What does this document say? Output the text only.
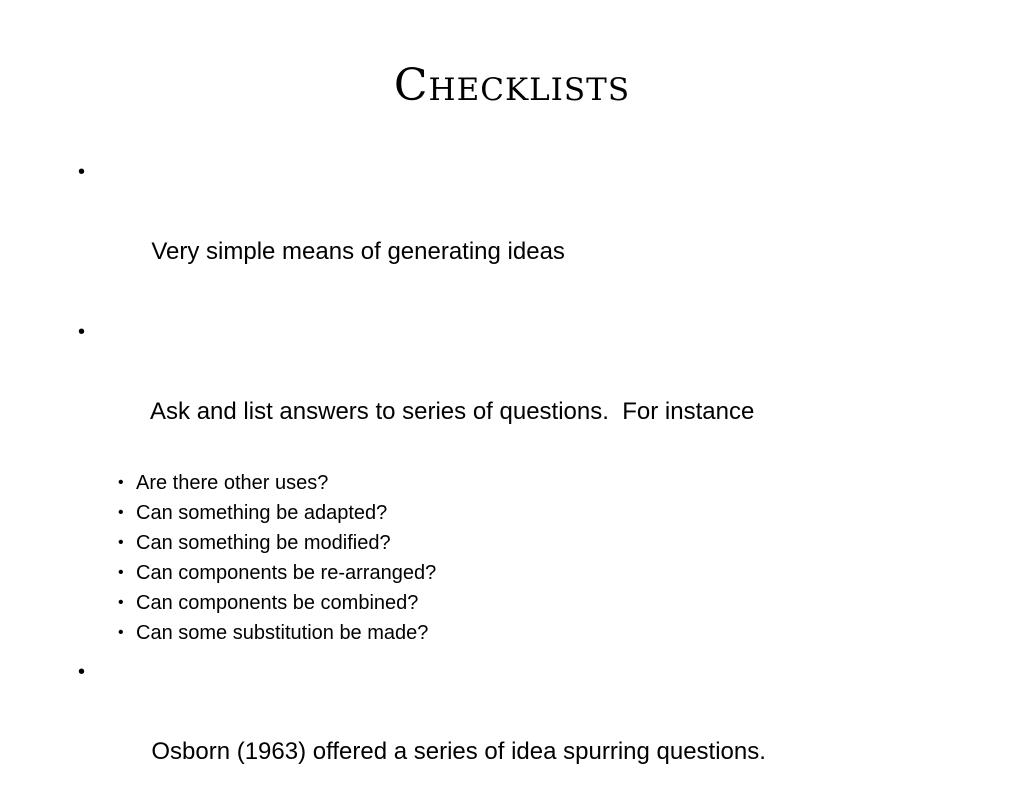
Checklists

•

Very simple means of generating ideas

•

Ask and list answers to series of questions.  For instance

• Are there other uses?
• Can something be adapted?
• Can something be modified?
• Can components be re-arranged?
• Can components be combined?
• Can some substitution be made?

•

Osborn (1963) offered a series of idea spurring questions.
